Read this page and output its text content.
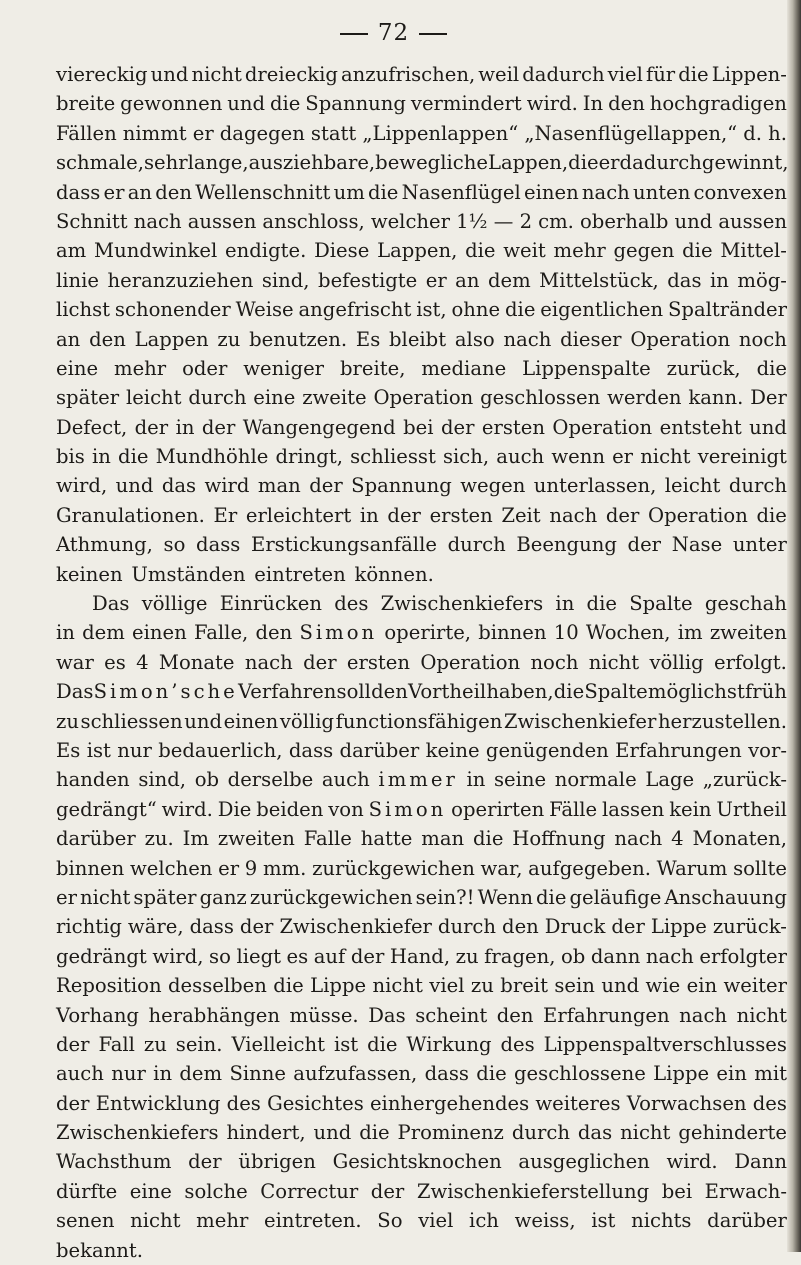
72
viereckig und nicht dreieckig anzufrischen, weil dadurch viel für die Lippen-
breite gewonnen und die Spannung vermindert wird. In den hochgradigen
Fällen nimmt er dagegen statt „Lippenlappen“ „Nasenflügellappen,“ d. h.
schmale, sehr lange, ausziehbare, bewegliche Lappen, die er dadurch gewinnt,
dass er an den Wellenschnitt um die Nasenflügel einen nach unten convexen
Schnitt nach aussen anschloss, welcher 1½ — 2 cm. oberhalb und aussen
am Mundwinkel endigte. Diese Lappen, die weit mehr gegen die Mittel-
linie heranzuziehen sind, befestigte er an dem Mittelstück, das in mög-
lichst schonender Weise angefrischt ist, ohne die eigentlichen Spaltränder
an den Lappen zu benutzen. Es bleibt also nach dieser Operation noch
eine mehr oder weniger breite, mediane Lippenspalte zurück, die
später leicht durch eine zweite Operation geschlossen werden kann. Der
Defect, der in der Wangengegend bei der ersten Operation entsteht und
bis in die Mundhöhle dringt, schliesst sich, auch wenn er nicht vereinigt
wird, und das wird man der Spannung wegen unterlassen, leicht durch
Granulationen. Er erleichtert in der ersten Zeit nach der Operation die
Athmung, so dass Erstickungsanfälle durch Beengung der Nase unter
keinen Umständen eintreten können.
Das völlige Einrücken des Zwischenkiefers in die Spalte geschah
in dem einen Falle, den Simon operirte, binnen 10 Wochen, im zweiten
war es 4 Monate nach der ersten Operation noch nicht völlig erfolgt.
Das Simon’sche Verfahren soll den Vortheil haben, die Spalte möglichst früh
zu schliessen und einen völlig functionsfähigen Zwischenkiefer herzustellen.
Es ist nur bedauerlich, dass darüber keine genügenden Erfahrungen vor-
handen sind, ob derselbe auch immer in seine normale Lage „zurück-
gedrängt“ wird. Die beiden von Simon operirten Fälle lassen kein Urtheil
darüber zu. Im zweiten Falle hatte man die Hoffnung nach 4 Monaten,
binnen welchen er 9 mm. zurückgewichen war, aufgegeben. Warum sollte
er nicht später ganz zurückgewichen sein?! Wenn die geläufige Anschauung
richtig wäre, dass der Zwischenkiefer durch den Druck der Lippe zurück-
gedrängt wird, so liegt es auf der Hand, zu fragen, ob dann nach erfolgter
Reposition desselben die Lippe nicht viel zu breit sein und wie ein weiter
Vorhang herabhängen müsse. Das scheint den Erfahrungen nach nicht
der Fall zu sein. Vielleicht ist die Wirkung des Lippenspaltverschlusses
auch nur in dem Sinne aufzufassen, dass die geschlossene Lippe ein mit
der Entwicklung des Gesichtes einhergehendes weiteres Vorwachsen des
Zwischenkiefers hindert, und die Prominenz durch das nicht gehinderte
Wachsthum der übrigen Gesichtsknochen ausgeglichen wird. Dann
dürfte eine solche Correctur der Zwischenkieferstellung bei Erwach-
senen nicht mehr eintreten. So viel ich weiss, ist nichts darüber
bekannt.
